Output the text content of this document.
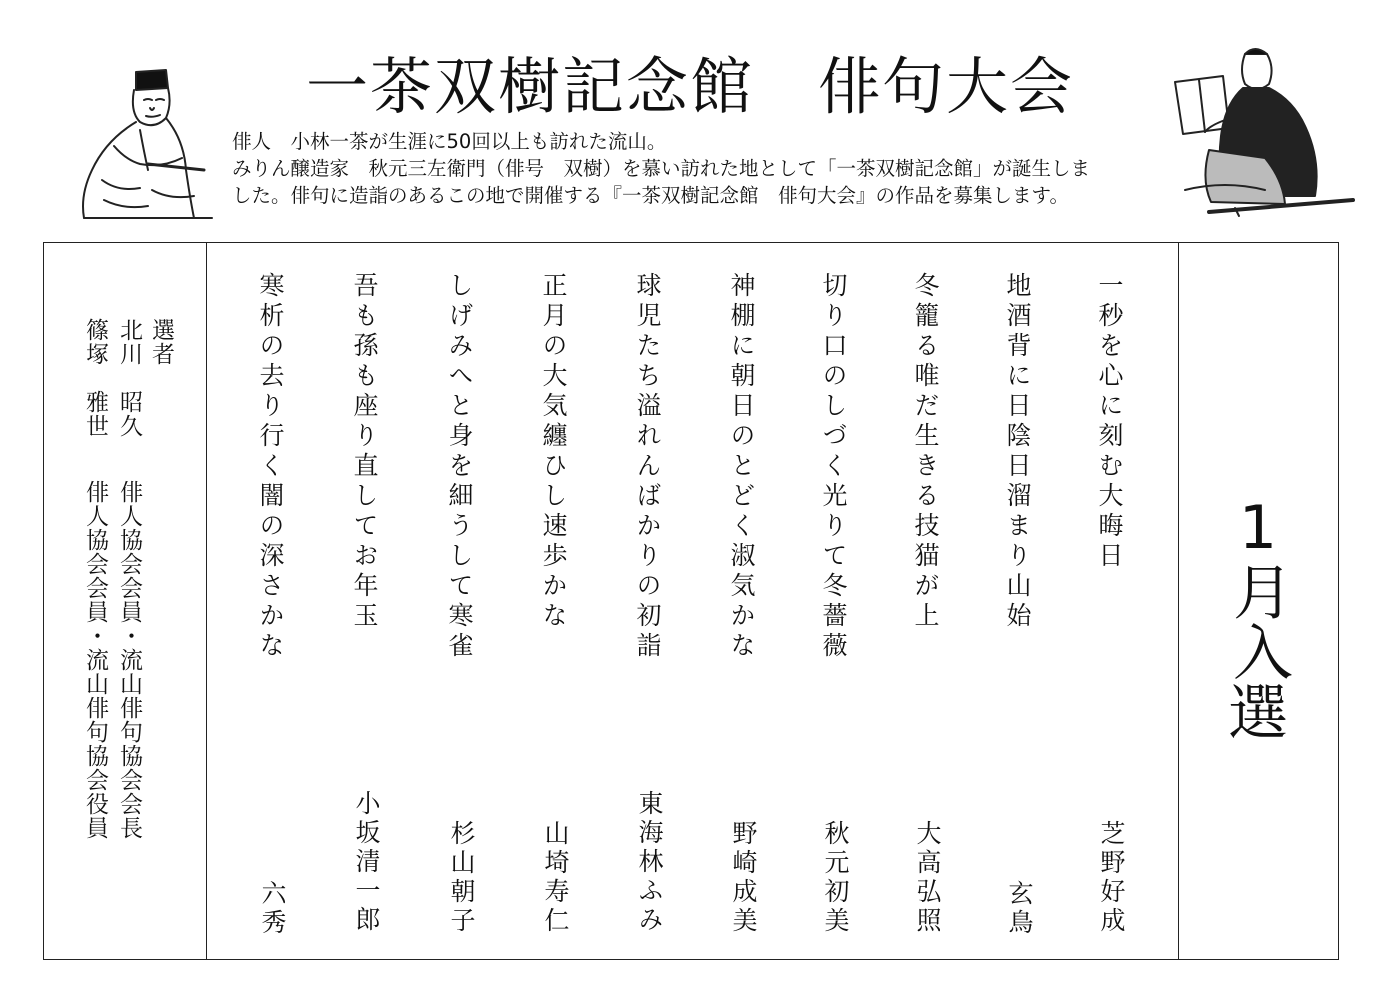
一茶双樹記念館　俳句大会
俳人　小林一茶が生涯に50回以上も訪れた流山。
みりん醸造家　秋元三左衛門（俳号　双樹）を慕い訪れた地として「一茶双樹記念館」が誕生しま
した。俳句に造詣のあるこの地で開催する『一茶双樹記念館　俳句大会』の作品を募集します。
一秒を心に刻む大晦日
芝野好成
地酒背に日陰日溜まり山始
玄鳥
冬籠る唯だ生きる技猫が上
大高弘照
切り口のしづく光りて冬薔薇
秋元初美
神棚に朝日のとどく淑気かな
野崎成美
球児たち溢れんばかりの初詣
東海林ふみ
正月の大気纏ひし速歩かな
山埼寿仁
しげみへと身を細うして寒雀
杉山朝子
吾も孫も座り直してお年玉
小坂清一郎
寒析の去り行く闇の深さかな
六秀
選者
北川　昭久
俳人協会会員・流山俳句協会会長
篠塚　雅世
俳人協会会員・流山俳句協会役員	1
月入
選
